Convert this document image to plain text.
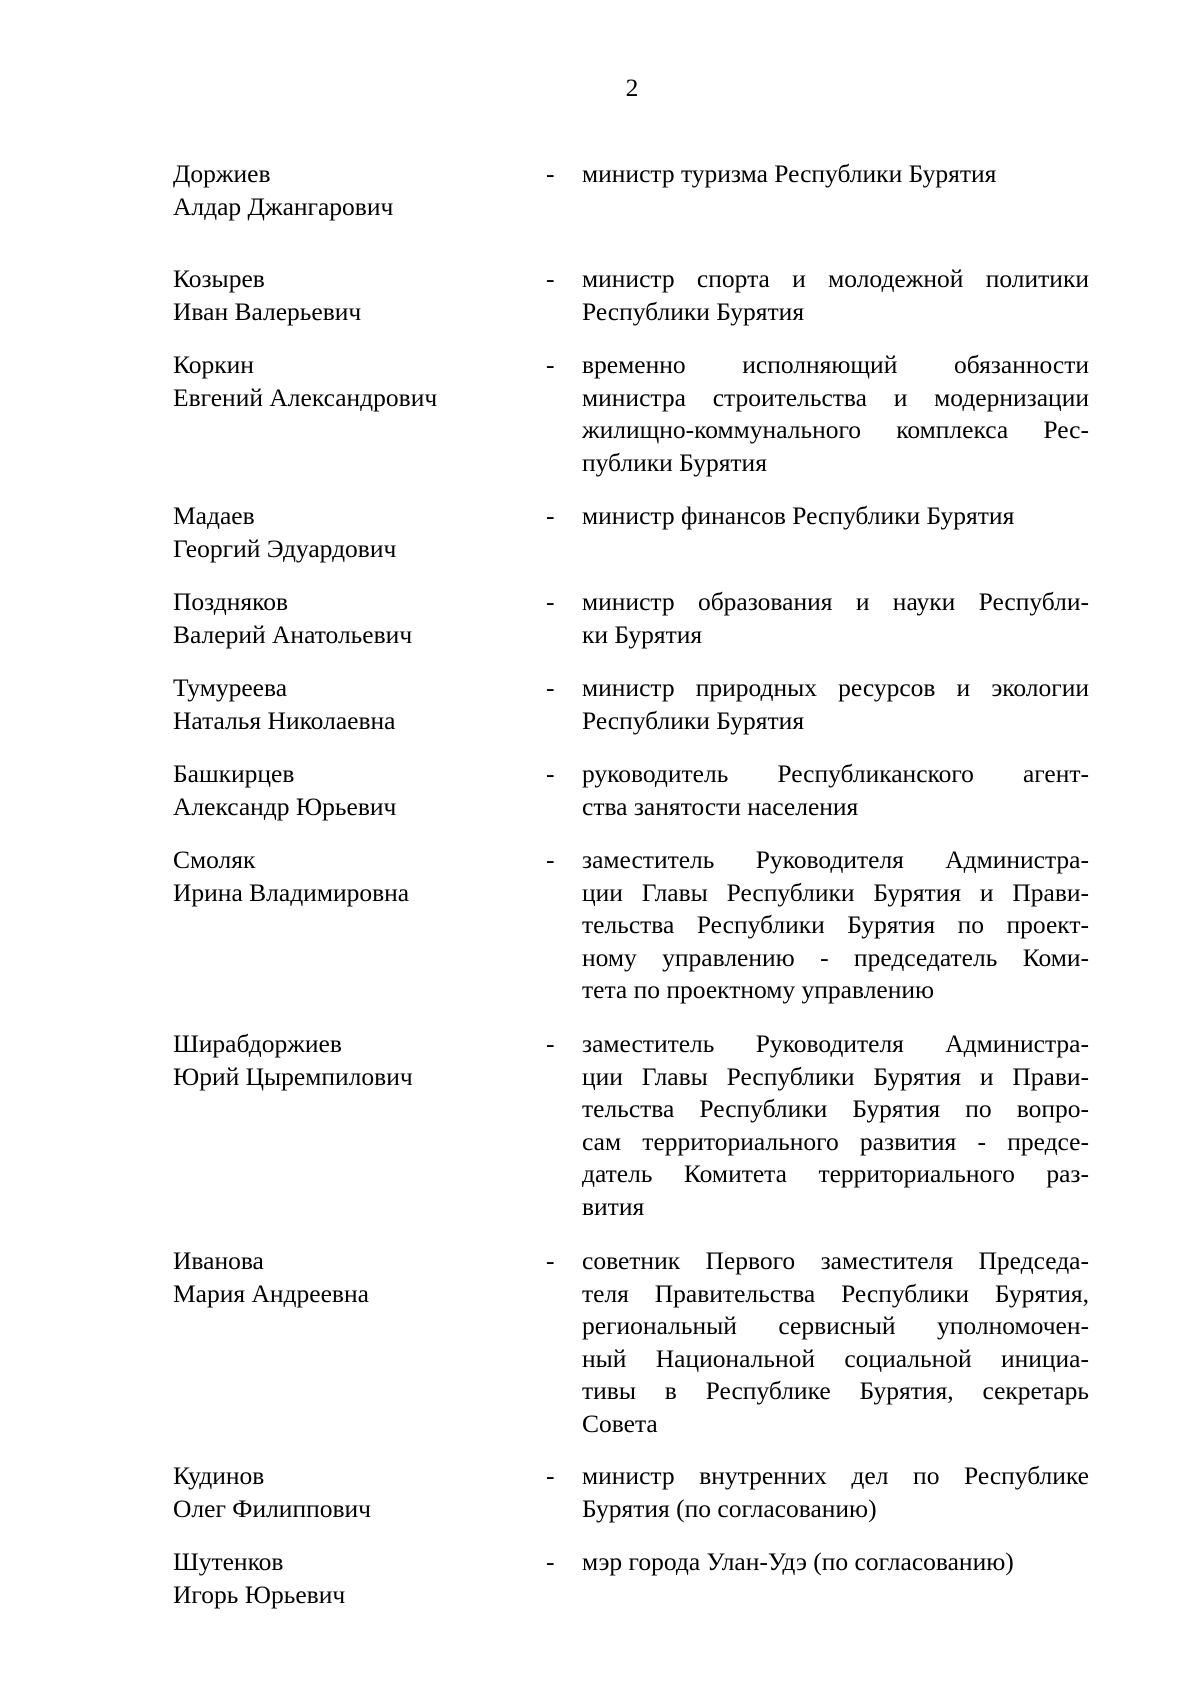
2
Доржиев
Алдар Джангарович
- министр туризма Республики Бурятия
Козырев
Иван Валерьевич
- министр спорта и молодежной политики
Республики Бурятия
Коркин
Евгений Александрович
- временно исполняющий обязанности
министра строительства и модернизации
жилищно-коммунального комплекса Рес-
публики Бурятия
Мадаев
Георгий Эдуардович
- министр финансов Республики Бурятия
Поздняков
Валерий Анатольевич
- министр образования и науки Республи-
ки Бурятия
Тумуреева
Наталья Николаевна
- министр природных ресурсов и экологии
Республики Бурятия
Башкирцев
Александр Юрьевич
- руководитель Республиканского агент-
ства занятости населения
Смоляк
Ирина Владимировна
- заместитель Руководителя Администра-
ции Главы Республики Бурятия и Прави-
тельства Республики Бурятия по проект-
ному управлению - председатель Коми-
тета по проектному управлению
Ширабдоржиев
Юрий Цыремпилович
- заместитель Руководителя Администра-
ции Главы Республики Бурятия и Прави-
тельства Республики Бурятия по вопро-
сам территориального развития - предсе-
датель Комитета территориального раз-
вития
Иванова
Мария Андреевна
- советник Первого заместителя Председа-
теля Правительства Республики Бурятия,
региональный сервисный уполномочен-
ный Национальной социальной инициа-
тивы в Республике Бурятия, секретарь
Совета
Кудинов
Олег Филиппович
- министр внутренних дел по Республике
Бурятия (по согласованию)
Шутенков
Игорь Юрьевич
- мэр города Улан-Удэ (по согласованию)
